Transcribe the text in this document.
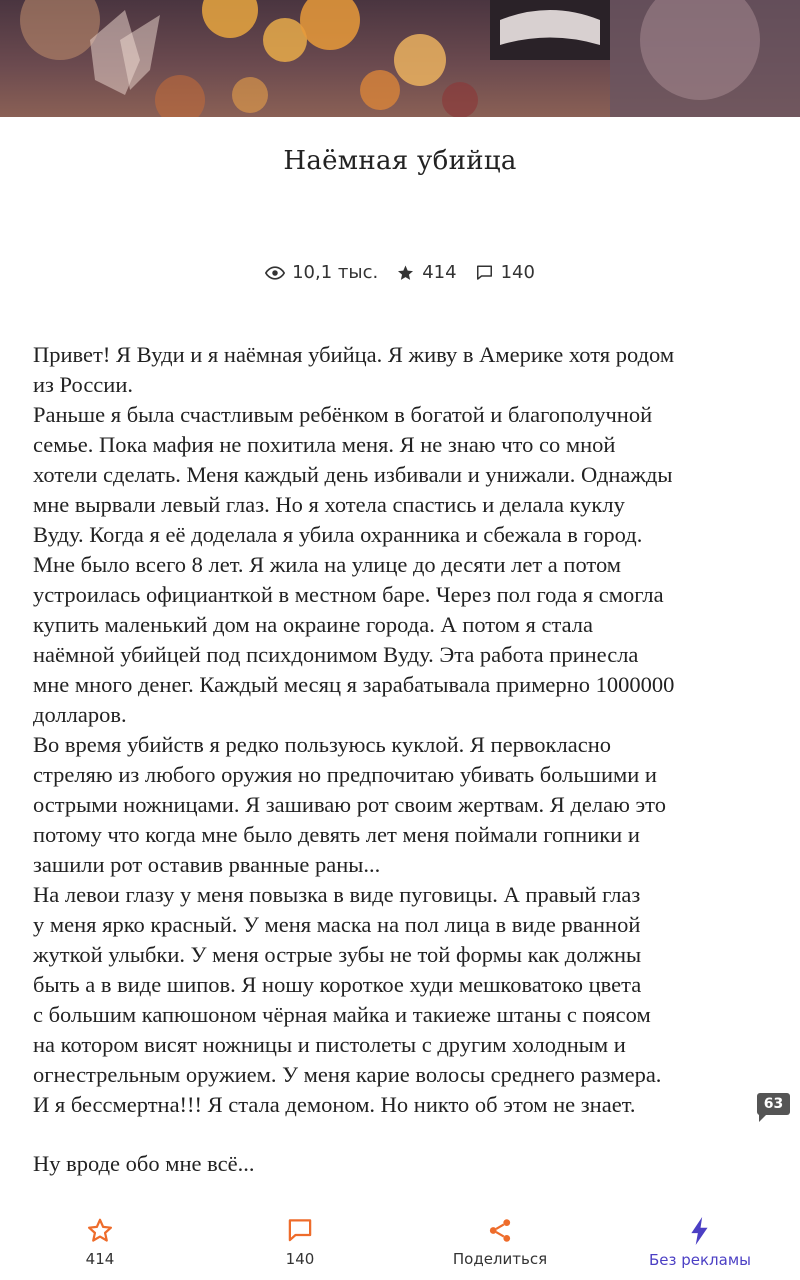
Наёмная убийца
10,1 тыс. 414 140
Привет! Я Вуди и я наёмная убийца. Я живу в Америке хотя родом
из России.
Раньше я была счастливым ребёнком в богатой и благополучной
семье. Пока мафия не похитила меня. Я не знаю что со мной
хотели сделать. Меня каждый день избивали и унижали. Однажды
мне вырвали левый глаз. Но я хотела спастись и делала куклу
Вуду. Когда я её доделала я убила охранника и сбежала в город.
Мне было всего 8 лет. Я жила на улице до десяти лет а потом
устроилась официанткой в местном баре. Через пол года я смогла
купить маленький дом на окраине города. А потом я стала
наёмной убийцей под психдонимом Вуду. Эта работа принесла
мне много денег. Каждый месяц я зарабатывала примерно 1000000
долларов.
Во время убийств я редко пользуюсь куклой. Я первокласно
стреляю из любого оружия но предпочитаю убивать большими и
острыми ножницами. Я зашиваю рот своим жертвам. Я делаю это
потому что когда мне было девять лет меня поймали гопники и
зашили рот оставив рванные раны...
На левои глазу у меня повызка в виде пуговицы. А правый глаз
у меня ярко красный. У меня маска на пол лица в виде рванной
жуткой улыбки. У меня острые зубы не той формы как должны
быть а в виде шипов. Я ношу короткое худи мешковатоко цвета
с большим капюшоном чёрная майка и такиеже штаны с поясом
на котором висят ножницы и пистолеты с другим холодным и
огнестрельным оружием. У меня карие волосы среднего размера.
И я бессмертна!!! Я стала демоном. Но никто об этом не знает.
Ну вроде обо мне всё...
63
414	140	Поделиться	Без рекламы
